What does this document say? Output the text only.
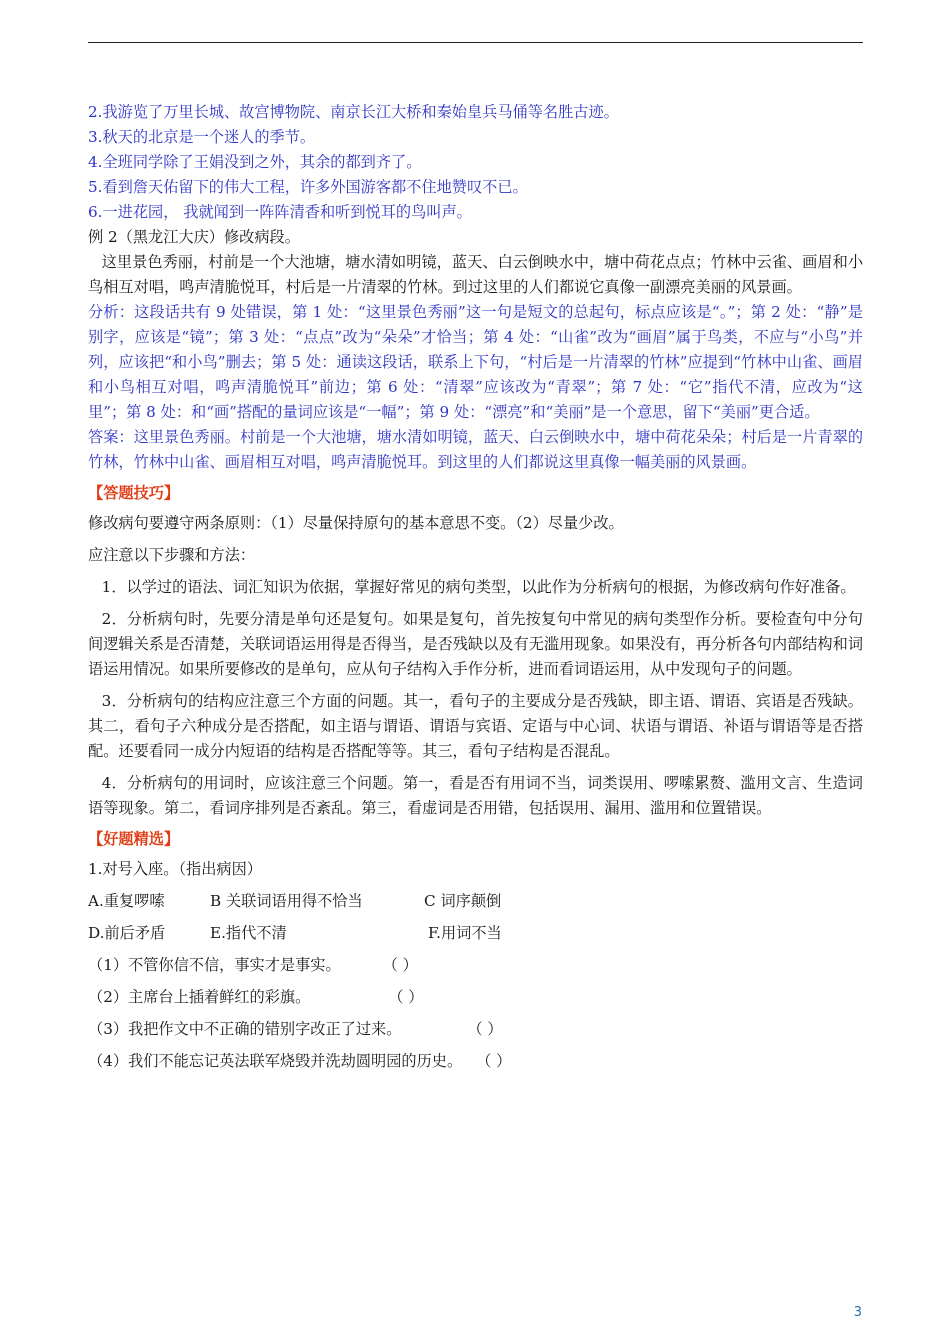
2.我游览了万里长城、故宫博物院、南京长江大桥和秦始皇兵马俑等名胜古迹。
3.秋天的北京是一个迷人的季节。
4.全班同学除了王娟没到之外，其余的都到齐了。
5.看到詹天佑留下的伟大工程，许多外国游客都不住地赞叹不已。
6.一进花园， 我就闻到一阵阵清香和听到悦耳的鸟叫声。
例 2（黑龙江大庆）修改病段。
这里景色秀丽，村前是一个大池塘，塘水清如明镜，蓝天、白云倒映水中，塘中荷花点点；竹林中云雀、画眉和小鸟相互对唱，鸣声清脆悦耳，村后是一片清翠的竹林。到过这里的人们都说它真像一副漂亮美丽的风景画。
分析：这段话共有 9 处错误，第 1 处：“这里景色秀丽”这一句是短文的总起句，标点应该是“。”；第 2 处：“静”是别字，应该是“镜”；第 3 处：“点点”改为“朵朵”才恰当；第 4 处：“山雀”改为“画眉”属于鸟类，不应与“小鸟”并列，应该把“和小鸟”删去；第 5 处：通读这段话，联系上下句，“村后是一片清翠的竹林”应提到“竹林中山雀、画眉和小鸟相互对唱，鸣声清脆悦耳”前边；第 6 处：“清翠”应该改为“青翠”；第 7 处：“它”指代不清，应改为“这里”；第 8 处：和“画”搭配的量词应该是“一幅”；第 9 处：“漂亮”和“美丽”是一个意思，留下“美丽”更合适。
答案：这里景色秀丽。村前是一个大池塘，塘水清如明镜，蓝天、白云倒映水中，塘中荷花朵朵；村后是一片青翠的竹林，竹林中山雀、画眉相互对唱，鸣声清脆悦耳。到这里的人们都说这里真像一幅美丽的风景画。
【答题技巧】
修改病句要遵守两条原则：（1）尽量保持原句的基本意思不变。（2）尽量少改。
应注意以下步骤和方法：
1．以学过的语法、词汇知识为依据，掌握好常见的病句类型，以此作为分析病句的根据，为修改病句作好准备。
2．分析病句时，先要分清是单句还是复句。如果是复句，首先按复句中常见的病句类型作分析。要检查句中分句间逻辑关系是否清楚，关联词语运用得是否得当，是否残缺以及有无滥用现象。如果没有，再分析各句内部结构和词语运用情况。如果所要修改的是单句，应从句子结构入手作分析，进而看词语运用，从中发现句子的问题。
3．分析病句的结构应注意三个方面的问题。其一，看句子的主要成分是否残缺，即主语、谓语、宾语是否残缺。其二，看句子六种成分是否搭配，如主语与谓语、谓语与宾语、定语与中心词、状语与谓语、补语与谓语等是否搭配。还要看同一成分内短语的结构是否搭配等等。其三，看句子结构是否混乱。
4．分析病句的用词时，应该注意三个问题。第一，看是否有用词不当，词类误用、啰嗦累赘、滥用文言、生造词语等现象。第二，看词序排列是否紊乱。第三，看虚词是否用错，包括误用、漏用、滥用和位置错误。
【好题精选】
1.对号入座。（指出病因）
A.重复啰嗦	B 关联词语用得不恰当	C 词序颠倒
D.前后矛盾	E.指代不清	F.用词不当
（1）不管你信不信，事实才是事实。	（ ）
（2）主席台上插着鲜红的彩旗。	（ ）
（3）我把作文中不正确的错别字改正了过来。	（ ）
（4）我们不能忘记英法联军烧毁并洗劫圆明园的历史。 （ ）
3
